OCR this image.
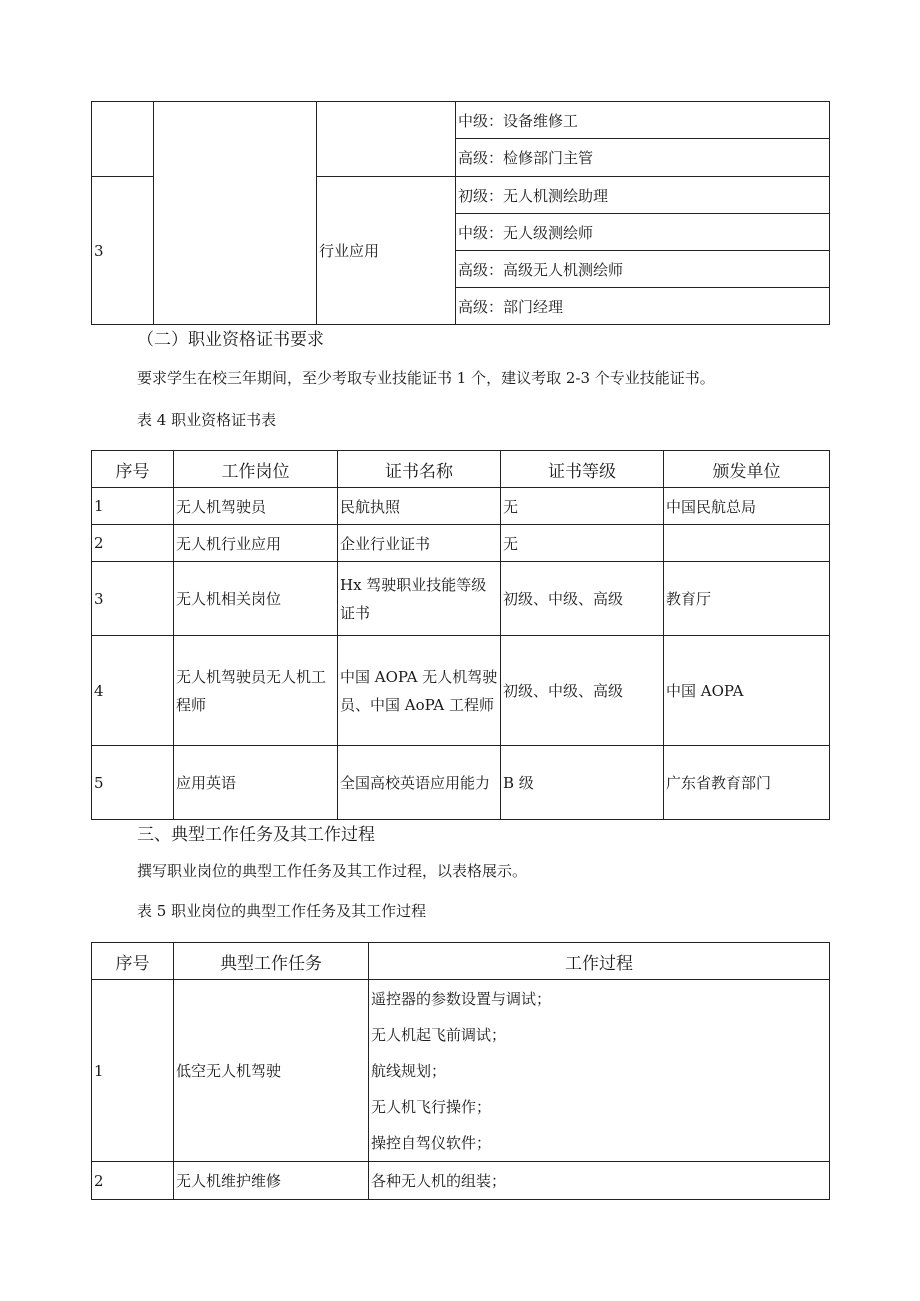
			中级：设备维修工
			高级：检修部门主管
3		行业应用	初级：无人机测绘助理
			中级：无人级测绘师
			高级：高级无人机测绘师
			高级：部门经理
（二）职业资格证书要求
要求学生在校三年期间，至少考取专业技能证书 1 个，建议考取 2-3 个专业技能证书。
表 4 职业资格证书表
序号	工作岗位	证书名称	证书等级	颁发单位
1	无人机驾驶员	民航执照	无	中国民航总局
2	无人机行业应用	企业行业证书	无	
3	无人机相关岗位	Hx 驾驶职业技能等级证书	初级、中级、高级	教育厅
4	无人机驾驶员无人机工程师	中国 AOPA 无人机驾驶员、中国 AoPA 工程师	初级、中级、高级	中国 AOPA
5	应用英语	全国高校英语应用能力	B 级	广东省教育部门
三、典型工作任务及其工作过程
撰写职业岗位的典型工作任务及其工作过程，以表格展示。
表 5 职业岗位的典型工作任务及其工作过程
序号	典型工作任务	工作过程
1	低空无人机驾驶	遥控器的参数设置与调试；
无人机起飞前调试；
航线规划；
无人机飞行操作；
操控自驾仪软件；

2	无人机维护维修	各种无人机的组装；
